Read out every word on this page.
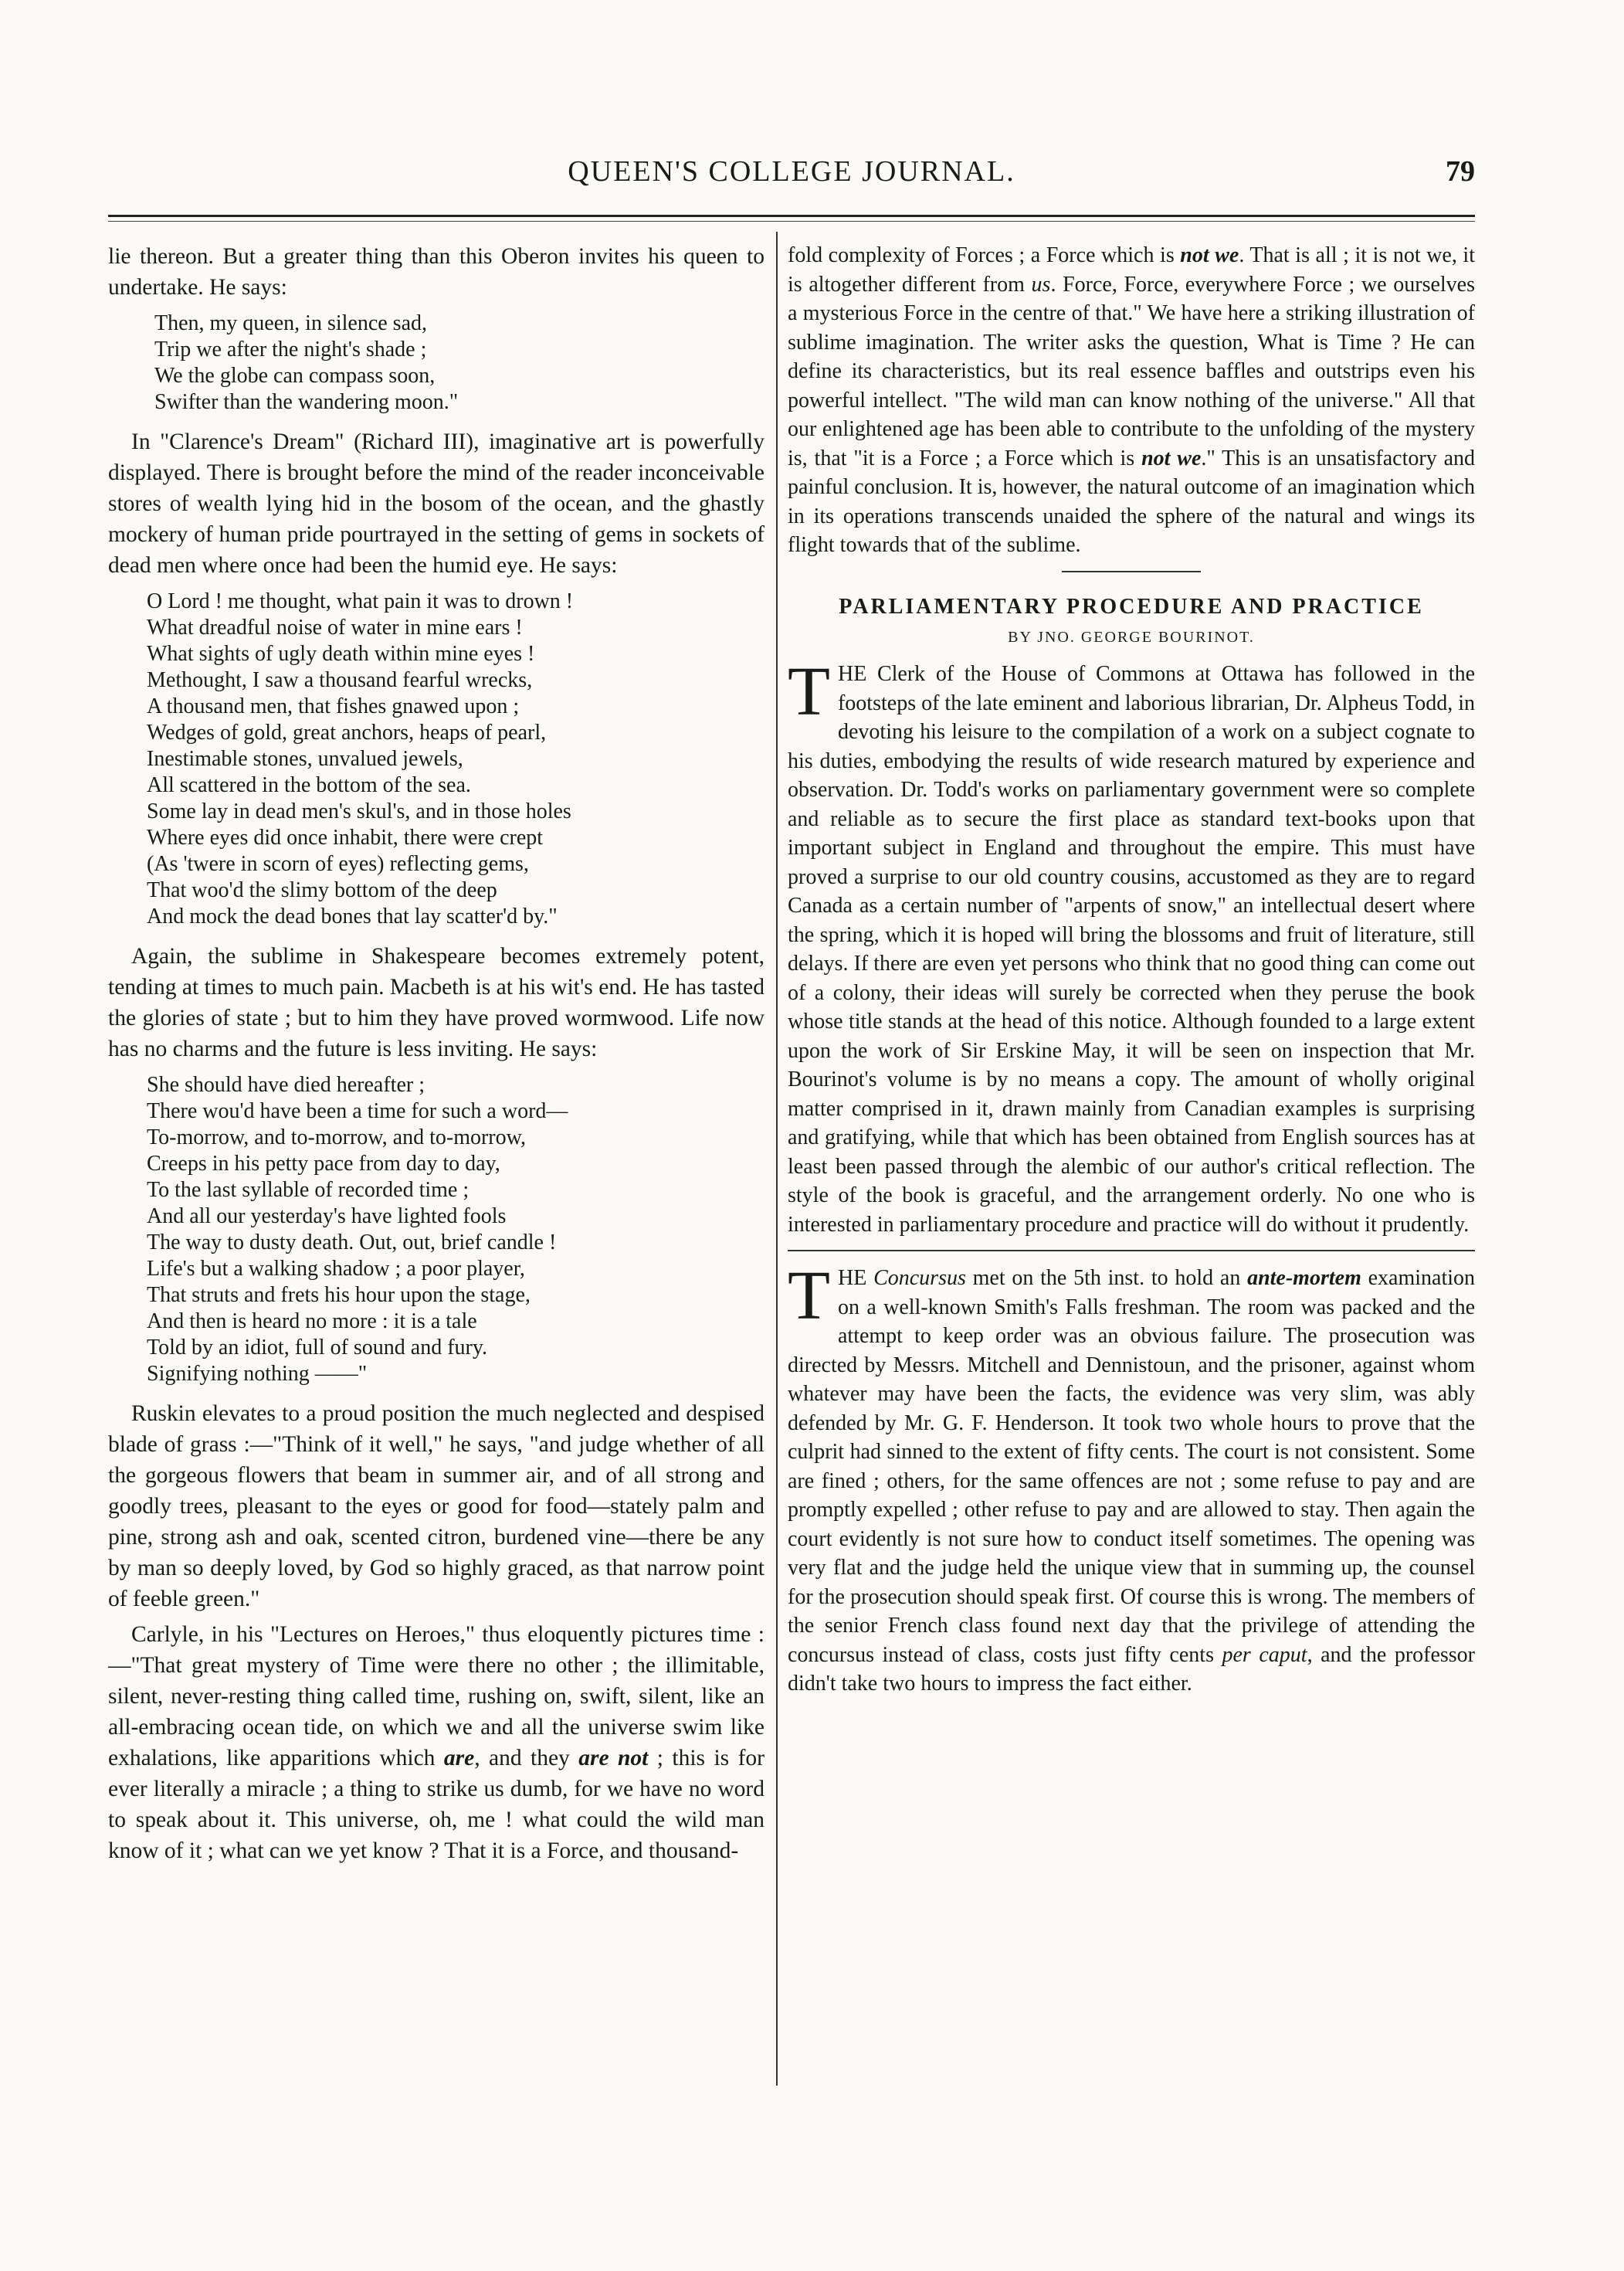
QUEEN'S COLLEGE JOURNAL.	79

lie thereon. But a greater thing than this Oberon invites his queen to undertake. He says:

Then, my queen, in silence sad,
Trip we after the night's shade ;
We the globe can compass soon,
Swifter than the wandering moon."

In "Clarence's Dream" (Richard III), imaginative art is powerfully displayed. There is brought before the mind of the reader inconceivable stores of wealth lying hid in the bosom of the ocean, and the ghastly mockery of human pride pourtrayed in the setting of gems in sockets of dead men where once had been the humid eye. He says:

O Lord ! me thought, what pain it was to drown !
What dreadful noise of water in mine ears !
What sights of ugly death within mine eyes !
Methought, I saw a thousand fearful wrecks,
A thousand men, that fishes gnawed upon ;
Wedges of gold, great anchors, heaps of pearl,
Inestimable stones, unvalued jewels,
All scattered in the bottom of the sea.
Some lay in dead men's skul's, and in those holes
Where eyes did once inhabit, there were crept
(As 'twere in scorn of eyes) reflecting gems,
That woo'd the slimy bottom of the deep
And mock the dead bones that lay scatter'd by."

Again, the sublime in Shakespeare becomes extremely potent, tending at times to much pain. Macbeth is at his wit's end. He has tasted the glories of state ; but to him they have proved wormwood. Life now has no charms and the future is less inviting. He says:

She should have died hereafter ;
There wou'd have been a time for such a word—
To-morrow, and to-morrow, and to-morrow,
Creeps in his petty pace from day to day,
To the last syllable of recorded time ;
And all our yesterday's have lighted fools
The way to dusty death. Out, out, brief candle !
Life's but a walking shadow ; a poor player,
That struts and frets his hour upon the stage,
And then is heard no more : it is a tale
Told by an idiot, full of sound and fury.
Signifying nothing ——"

Ruskin elevates to a proud position the much neglected and despised blade of grass :—"Think of it well," he says, "and judge whether of all the gorgeous flowers that beam in summer air, and of all strong and goodly trees, pleasant to the eyes or good for food—stately palm and pine, strong ash and oak, scented citron, burdened vine—there be any by man so deeply loved, by God so highly graced, as that narrow point of feeble green."

Carlyle, in his "Lectures on Heroes," thus eloquently pictures time :—"That great mystery of Time were there no other ; the illimitable, silent, never-resting thing called time, rushing on, swift, silent, like an all-embracing ocean tide, on which we and all the universe swim like exhalations, like apparitions which are, and they are not ; this is for ever literally a miracle ; a thing to strike us dumb, for we have no word to speak about it. This universe, oh, me ! what could the wild man know of it ; what can we yet know ? That it is a Force, and thousand-

fold complexity of Forces ; a Force which is not we. That is all ; it is not we, it is altogether different from us. Force, Force, everywhere Force ; we ourselves a mysterious Force in the centre of that." We have here a striking illustration of sublime imagination. The writer asks the question, What is Time ? He can define its characteristics, but its real essence baffles and outstrips even his powerful intellect. "The wild man can know nothing of the universe." All that our enlightened age has been able to contribute to the unfolding of the mystery is, that "it is a Force ; a Force which is not we." This is an unsatisfactory and painful conclusion. It is, however, the natural outcome of an imagination which in its operations transcends unaided the sphere of the natural and wings its flight towards that of the sublime.

PARLIAMENTARY PROCEDURE AND PRACTICE
BY JNO. GEORGE BOURINOT.

THE Clerk of the House of Commons at Ottawa has followed in the footsteps of the late eminent and laborious librarian, Dr. Alpheus Todd, in devoting his leisure to the compilation of a work on a subject cognate to his duties, embodying the results of wide research matured by experience and observation. Dr. Todd's works on parliamentary government were so complete and reliable as to secure the first place as standard text-books upon that important subject in England and throughout the empire. This must have proved a surprise to our old country cousins, accustomed as they are to regard Canada as a certain number of "arpents of snow," an intellectual desert where the spring, which it is hoped will bring the blossoms and fruit of literature, still delays. If there are even yet persons who think that no good thing can come out of a colony, their ideas will surely be corrected when they peruse the book whose title stands at the head of this notice. Although founded to a large extent upon the work of Sir Erskine May, it will be seen on inspection that Mr. Bourinot's volume is by no means a copy. The amount of wholly original matter comprised in it, drawn mainly from Canadian examples is surprising and gratifying, while that which has been obtained from English sources has at least been passed through the alembic of our author's critical reflection. The style of the book is graceful, and the arrangement orderly. No one who is interested in parliamentary procedure and practice will do without it prudently.

THE Concursus met on the 5th inst. to hold an ante-mortem examination on a well-known Smith's Falls freshman. The room was packed and the attempt to keep order was an obvious failure. The prosecution was directed by Messrs. Mitchell and Dennistoun, and the prisoner, against whom whatever may have been the facts, the evidence was very slim, was ably defended by Mr. G. F. Henderson. It took two whole hours to prove that the culprit had sinned to the extent of fifty cents. The court is not consistent. Some are fined ; others, for the same offences are not ; some refuse to pay and are promptly expelled ; other refuse to pay and are allowed to stay. Then again the court evidently is not sure how to conduct itself sometimes. The opening was very flat and the judge held the unique view that in summing up, the counsel for the prosecution should speak first. Of course this is wrong. The members of the senior French class found next day that the privilege of attending the concursus instead of class, costs just fifty cents per caput, and the professor didn't take two hours to impress the fact either.
